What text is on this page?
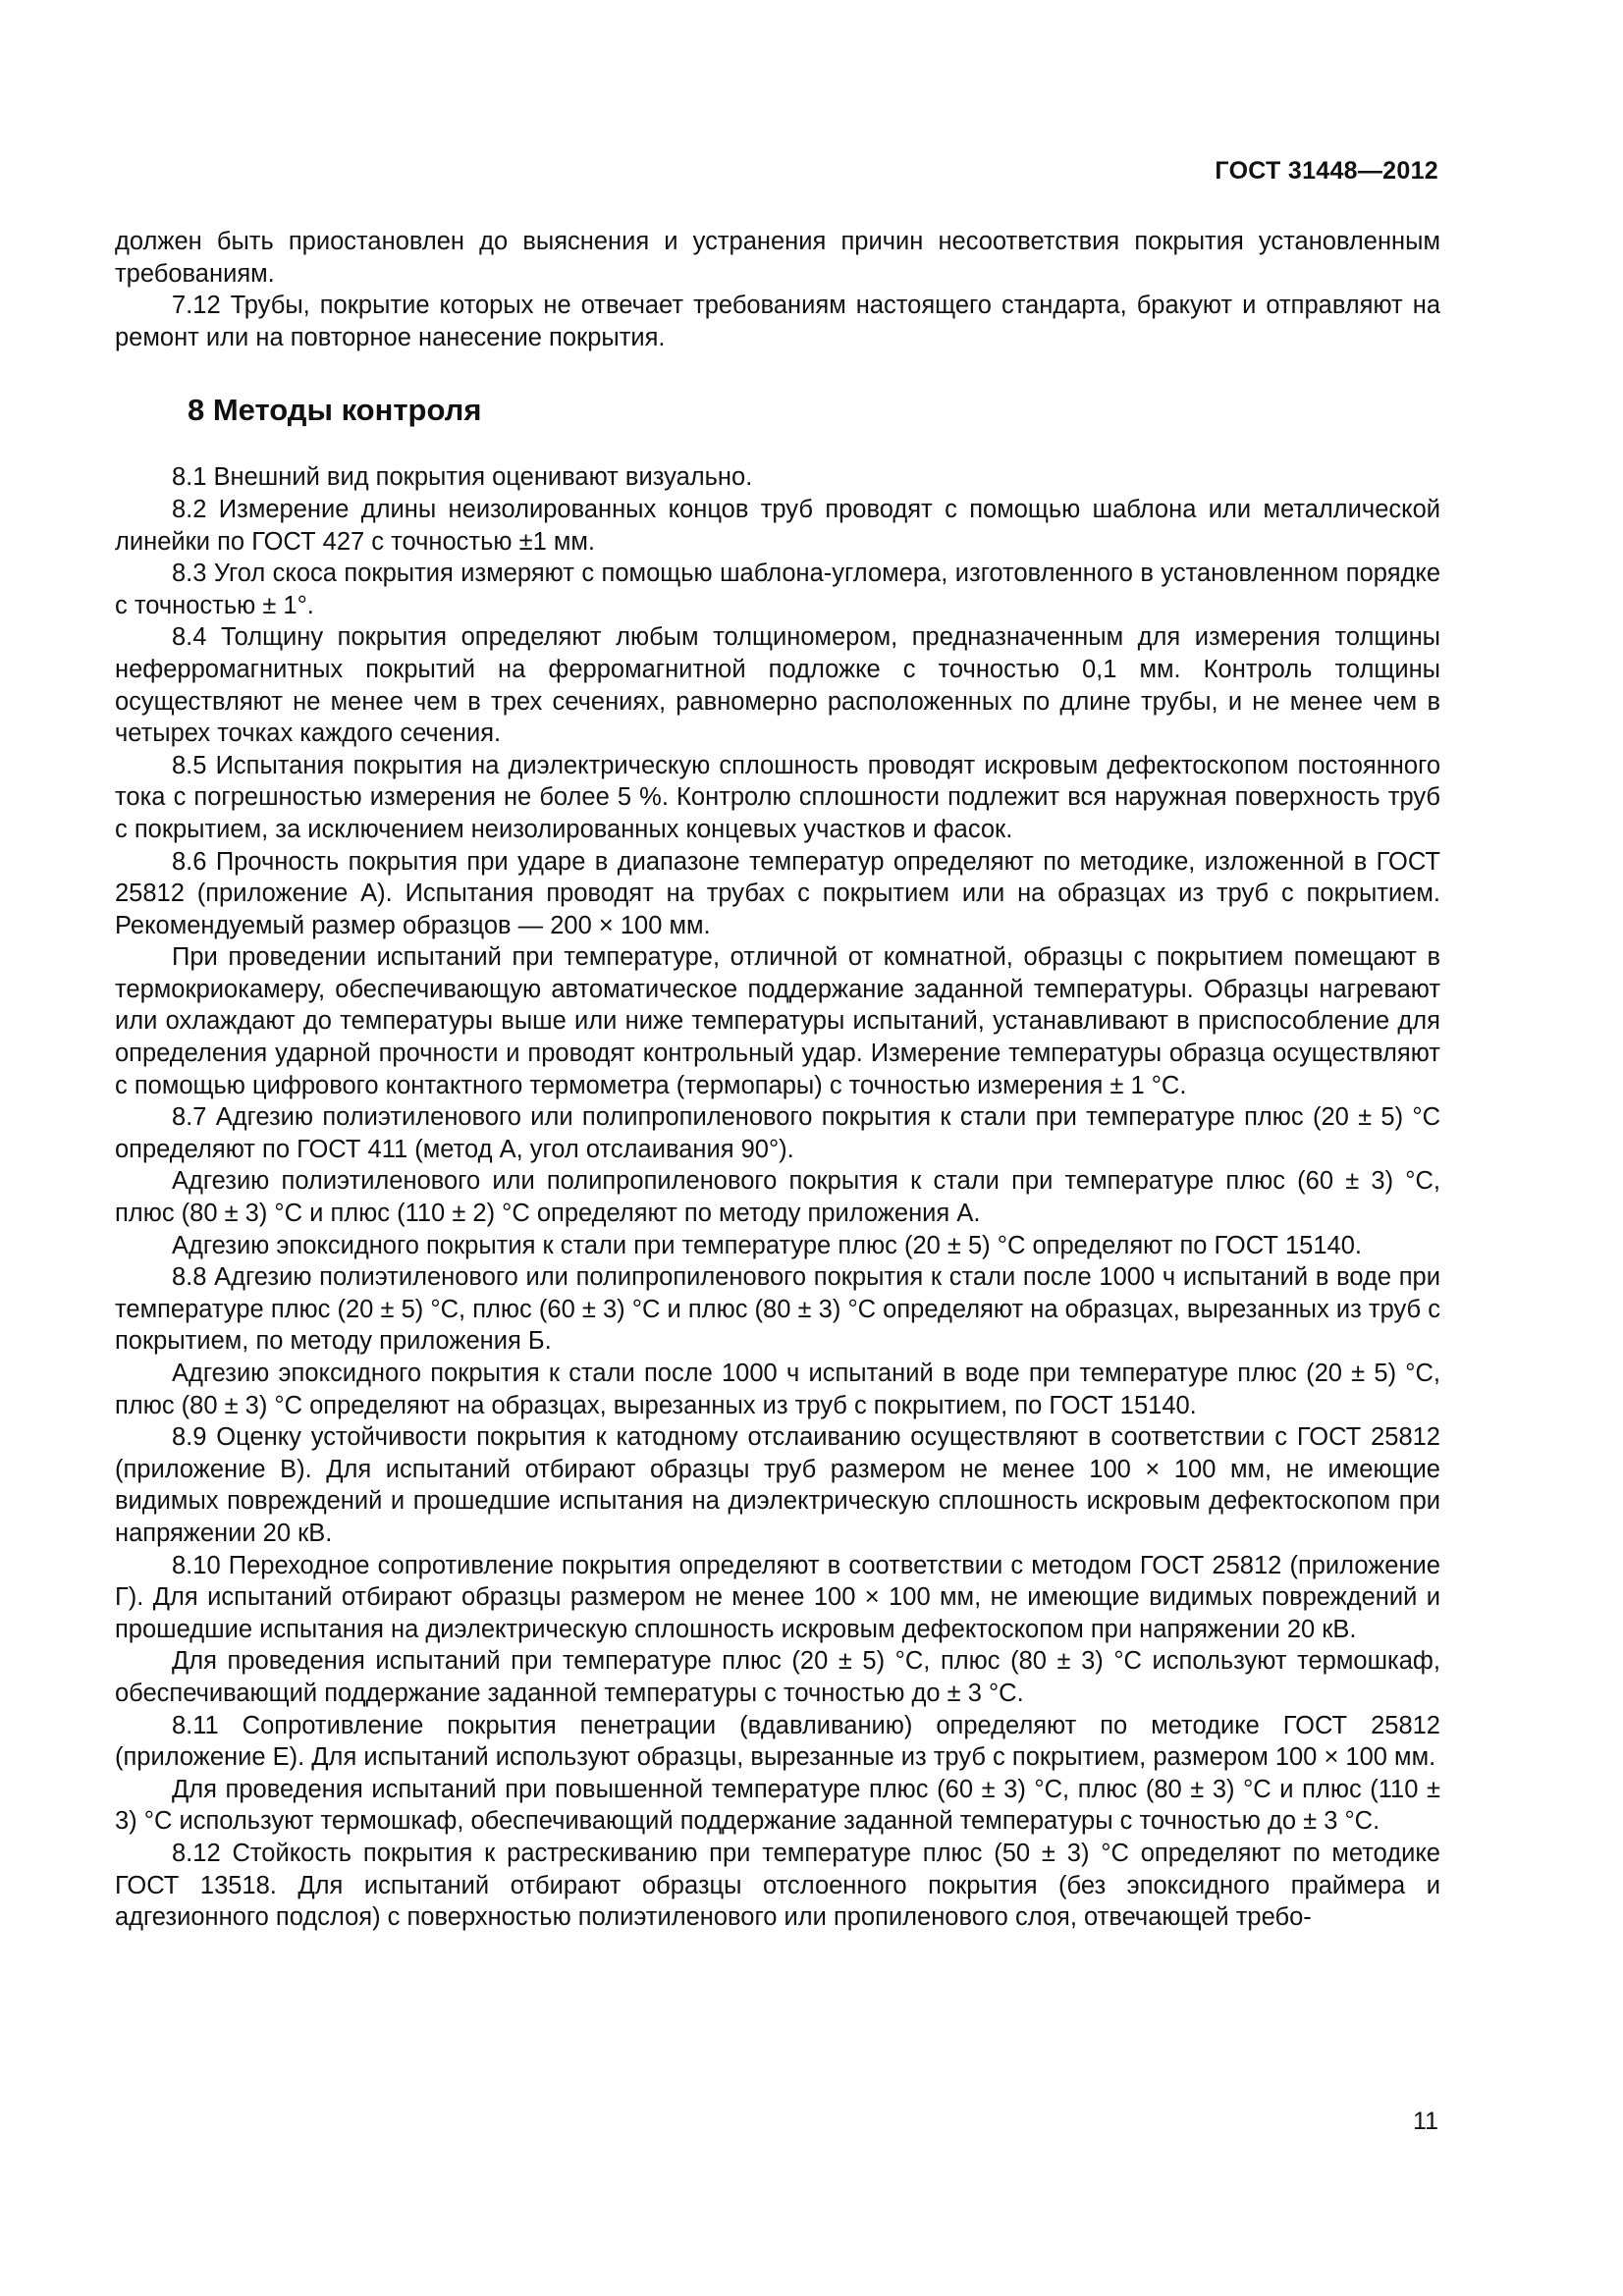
ГОСТ 31448—2012

должен быть приостановлен до выяснения и устранения причин несоответствия покрытия установленным требованиям.

7.12 Трубы, покрытие которых не отвечает требованиям настоящего стандарта, бракуют и отправляют на ремонт или на повторное нанесение покрытия.

8 Методы контроля

8.1 Внешний вид покрытия оценивают визуально.

8.2 Измерение длины неизолированных концов труб проводят с помощью шаблона или металлической линейки по ГОСТ 427 с точностью ±1 мм.

8.3 Угол скоса покрытия измеряют с помощью шаблона-угломера, изготовленного в установленном порядке с точностью ± 1°.

8.4 Толщину покрытия определяют любым толщиномером, предназначенным для измерения толщины неферромагнитных покрытий на ферромагнитной подложке с точностью 0,1 мм. Контроль толщины осуществляют не менее чем в трех сечениях, равномерно расположенных по длине трубы, и не менее чем в четырех точках каждого сечения.

8.5 Испытания покрытия на диэлектрическую сплошность проводят искровым дефектоскопом постоянного тока с погрешностью измерения не более 5 %. Контролю сплошности подлежит вся наружная поверхность труб с покрытием, за исключением неизолированных концевых участков и фасок.

8.6 Прочность покрытия при ударе в диапазоне температур определяют по методике, изложенной в ГОСТ 25812 (приложение А). Испытания проводят на трубах с покрытием или на образцах из труб с покрытием. Рекомендуемый размер образцов — 200 × 100 мм.

При проведении испытаний при температуре, отличной от комнатной, образцы с покрытием помещают в термокриокамеру, обеспечивающую автоматическое поддержание заданной температуры. Образцы нагревают или охлаждают до температуры выше или ниже температуры испытаний, устанавливают в приспособление для определения ударной прочности и проводят контрольный удар. Измерение температуры образца осуществляют с помощью цифрового контактного термометра (термопары) с точностью измерения ± 1 °С.

8.7 Адгезию полиэтиленового или полипропиленового покрытия к стали при температуре плюс (20 ± 5) °С определяют по ГОСТ 411 (метод А, угол отслаивания 90°).

Адгезию полиэтиленового или полипропиленового покрытия к стали при температуре плюс (60 ± 3) °С, плюс (80 ± 3) °С и плюс (110 ± 2) °С определяют по методу приложения А.

Адгезию эпоксидного покрытия к стали при температуре плюс (20 ± 5) °С определяют по ГОСТ 15140.

8.8 Адгезию полиэтиленового или полипропиленового покрытия к стали после 1000 ч испытаний в воде при температуре плюс (20 ± 5) °С, плюс (60 ± 3) °С и плюс (80 ± 3) °С определяют на образцах, вырезанных из труб с покрытием, по методу приложения Б.

Адгезию эпоксидного покрытия к стали после 1000 ч испытаний в воде при температуре плюс (20 ± 5) °С, плюс (80 ± 3) °С определяют на образцах, вырезанных из труб с покрытием, по ГОСТ 15140.

8.9 Оценку устойчивости покрытия к катодному отслаиванию осуществляют в соответствии с ГОСТ 25812 (приложение В). Для испытаний отбирают образцы труб размером не менее 100 × 100 мм, не имеющие видимых повреждений и прошедшие испытания на диэлектрическую сплошность искровым дефектоскопом при напряжении 20 кВ.

8.10 Переходное сопротивление покрытия определяют в соответствии с методом ГОСТ 25812 (приложение Г). Для испытаний отбирают образцы размером не менее 100 × 100 мм, не имеющие видимых повреждений и прошедшие испытания на диэлектрическую сплошность искровым дефектоскопом при напряжении 20 кВ.

Для проведения испытаний при температуре плюс (20 ± 5) °С, плюс (80 ± 3) °С используют термошкаф, обеспечивающий поддержание заданной температуры с точностью до ± 3 °С.

8.11 Сопротивление покрытия пенетрации (вдавливанию) определяют по методике ГОСТ 25812 (приложение Е). Для испытаний используют образцы, вырезанные из труб с покрытием, размером 100 × 100 мм.

Для проведения испытаний при повышенной температуре плюс (60 ± 3) °С, плюс (80 ± 3) °С и плюс (110 ± 3) °С используют термошкаф, обеспечивающий поддержание заданной температуры с точностью до ± 3 °С.

8.12 Стойкость покрытия к растрескиванию при температуре плюс (50 ± 3) °С определяют по методике ГОСТ 13518. Для испытаний отбирают образцы отслоенного покрытия (без эпоксидного праймера и адгезионного подслоя) с поверхностью полиэтиленового или пропиленового слоя, отвечающей требо-

11
